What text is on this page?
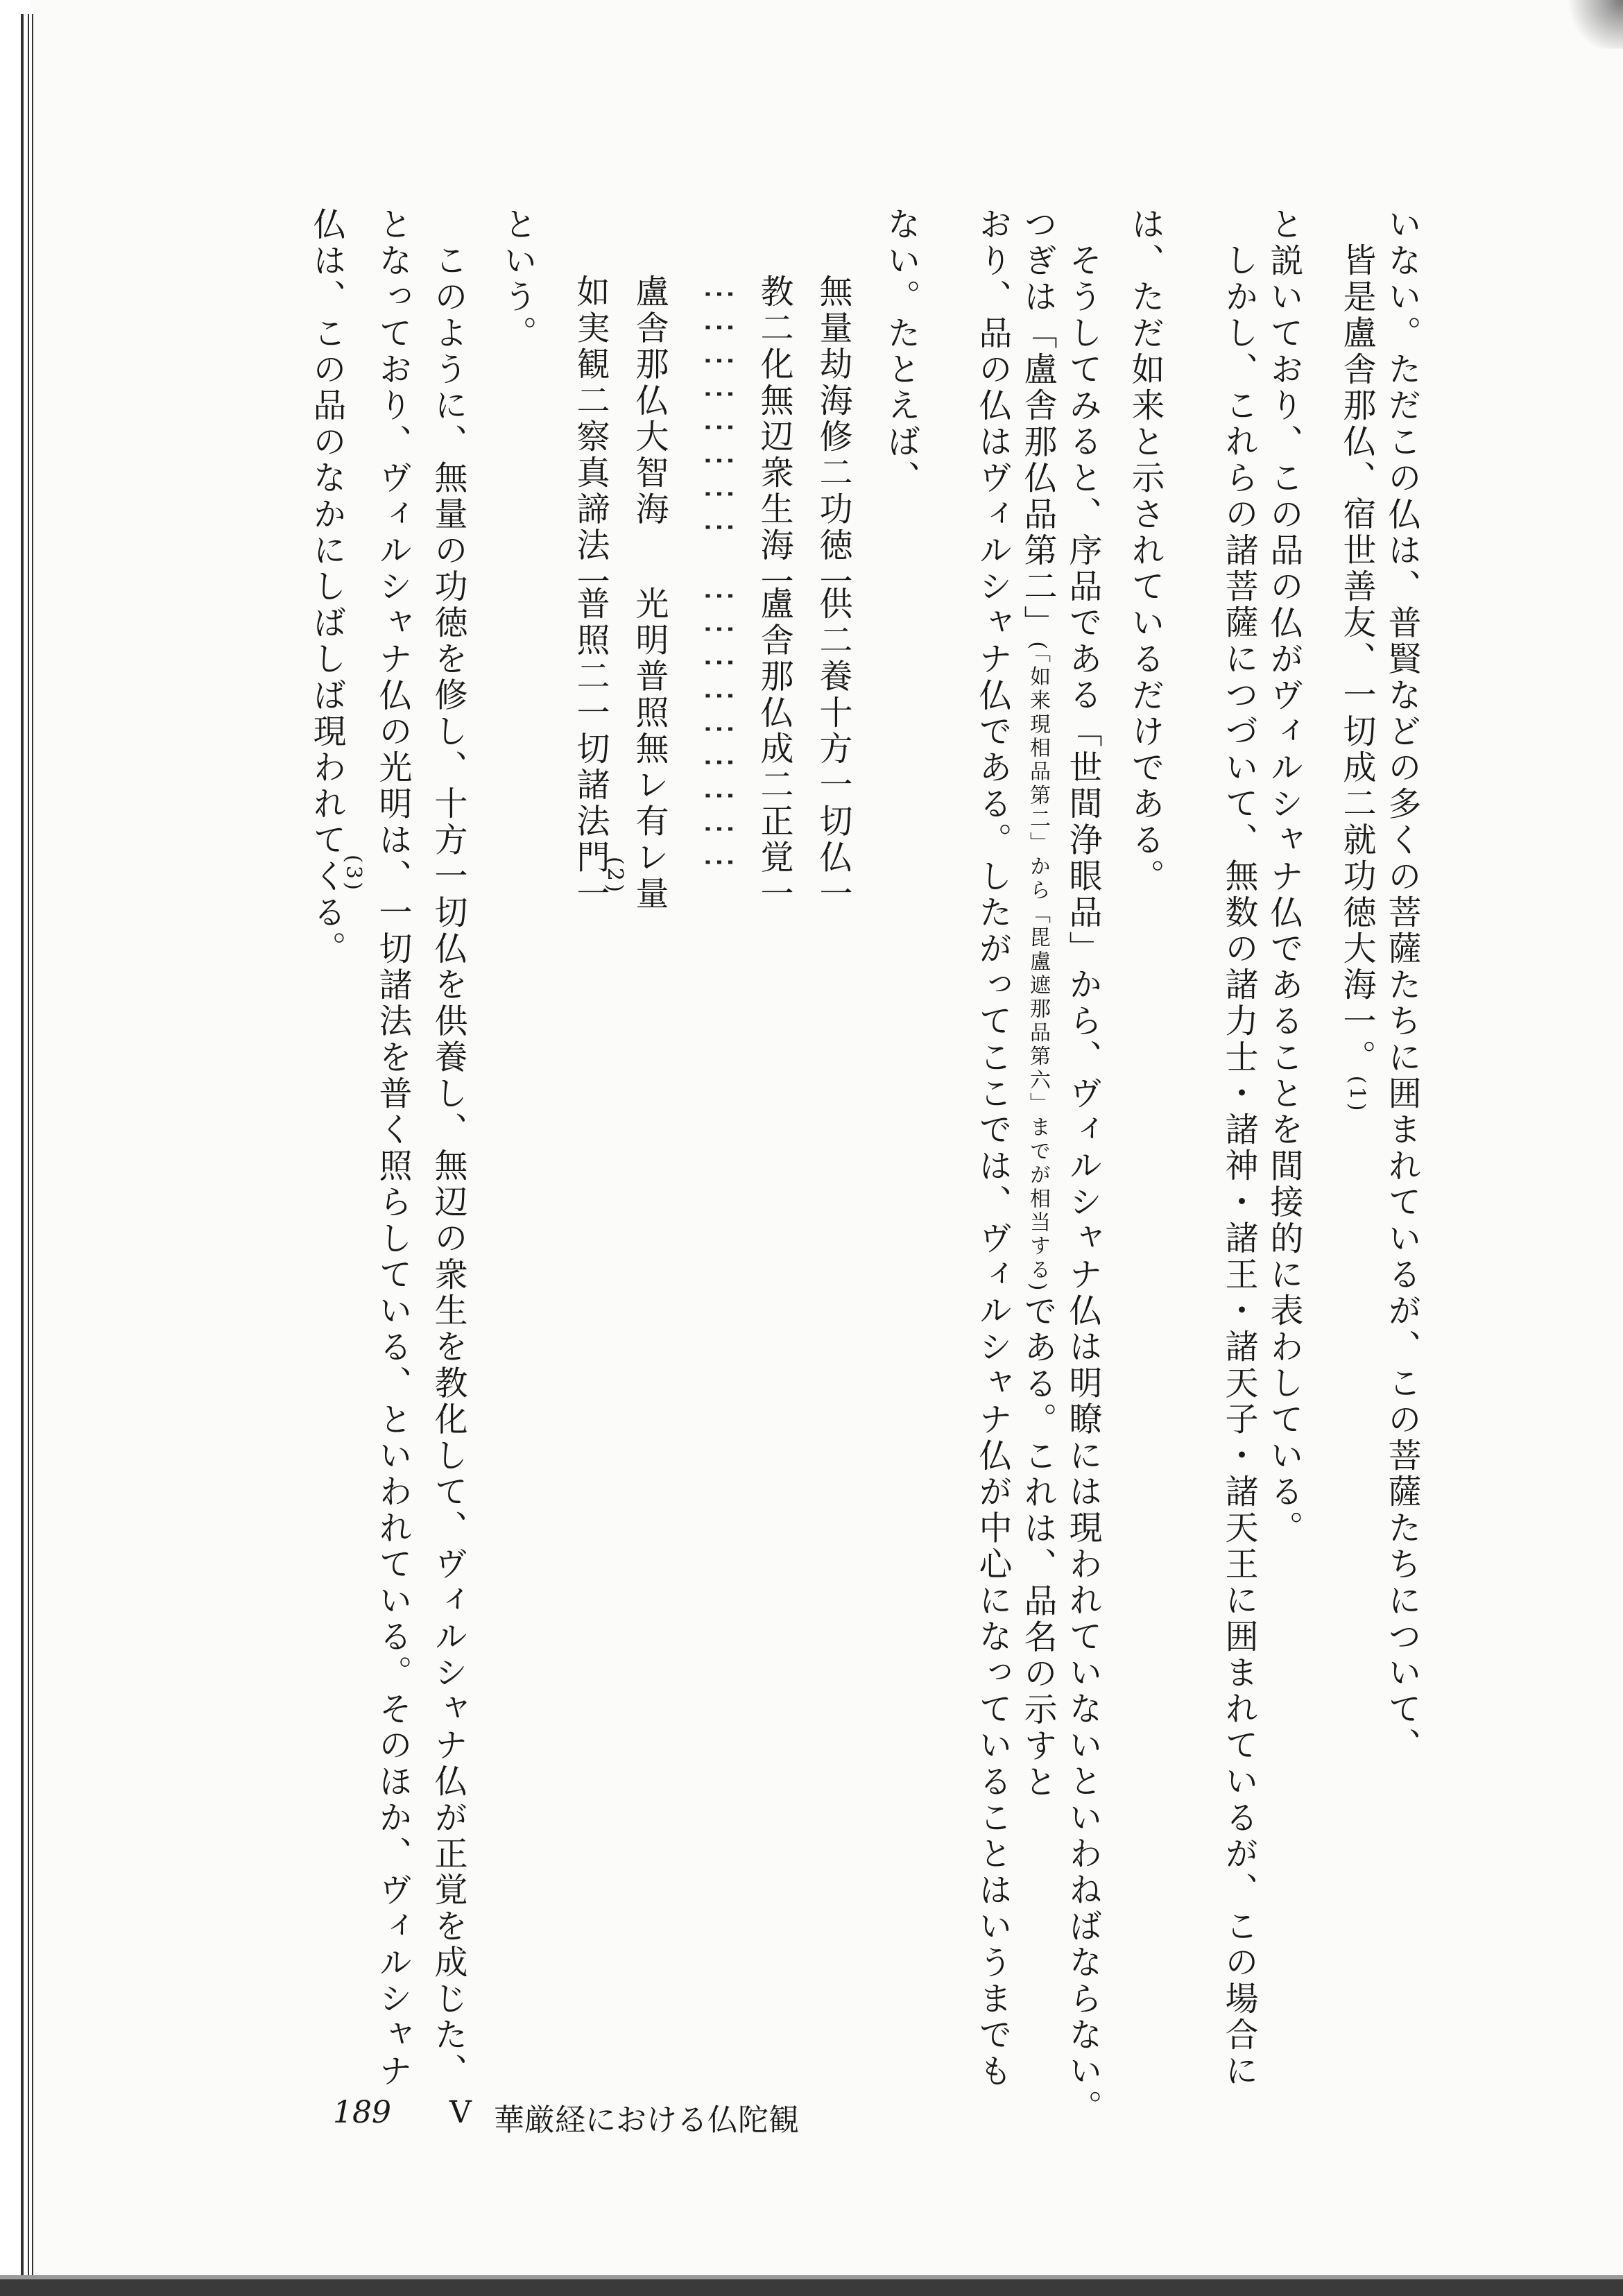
いない。ただこの仏は、普賢などの多くの菩薩たちに囲まれているが、この菩薩たちについて、
皆是盧舎那仏、宿世善友、一切成二就功徳大海一。(1)
と説いており、この品の仏がヴィルシャナ仏であることを間接的に表わしている。
しかし、これらの諸菩薩につづいて、無数の諸力士・諸神・諸王・諸天子・諸天王に囲まれているが、この場合に
は、ただ如来と示されているだけである。
そうしてみると、序品である「世間浄眼品」から、ヴィルシャナ仏は明瞭には現われていないといわねばならない。
つぎは「盧舎那仏品第二」(「如来現相品第二」から「毘盧遮那品第六」までが相当する)である。これは、品名の示すと
おり、品の仏はヴィルシャナ仏である。したがってここでは、ヴィルシャナ仏が中心になっていることはいうまでも
ない。たとえば、
無量劫海修二功徳一
供二養十方一切仏一
教二化無辺衆生海一
盧舎那仏成二正覚一
⋮⋮⋮⋮⋮⋮⋮⋮
⋮⋮⋮⋮⋮⋮⋮⋮⋮
盧舎那仏大智海
光明普照無レ有レ量
如実観二察真諦法一
普照二一切諸法門一
(2)
という。
このように、無量の功徳を修し、十方一切仏を供養し、無辺の衆生を教化して、ヴィルシャナ仏が正覚を成じた、
となっており、ヴィルシャナ仏の光明は、一切諸法を普く照らしている、といわれている。そのほか、ヴィルシャナ
仏は、この品のなかにしばしば現われてくる。
(3)
189 V 華厳経における仏陀観
